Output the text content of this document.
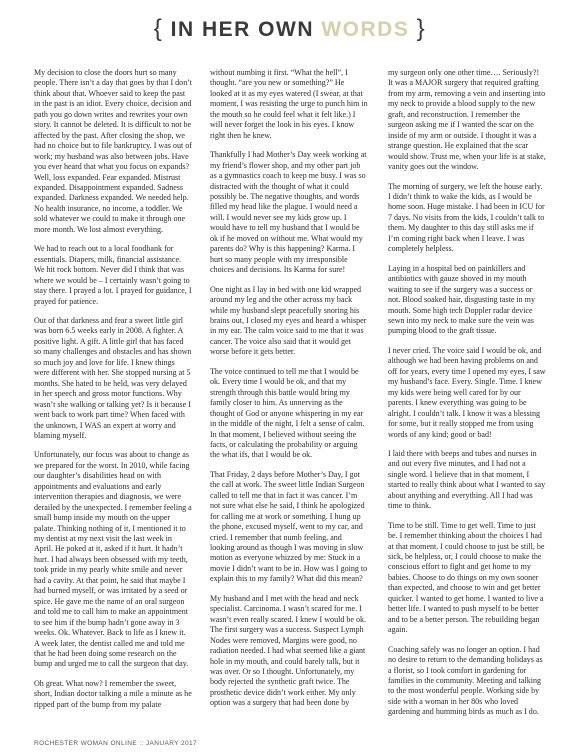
{ IN HER OWN WORDS }

My decision to close the doors hurt so many people. There isn’t a day that goes by that I don’t think about that. Whoever said to keep the past in the past is an idiot. Every choice, decision and path you go down writes and rewrites your own story. It cannot be deleted. It is difficult to not be affected by the past. After closing the shop, we had no choice but to file bankruptcy. I was out of work; my husband was also between jobs. Have you ever heard that what you focus on expands? Well, loss expanded. Fear expanded. Mistrust expanded. Disappointment expanded. Sadness expanded. Darkness expanded. We needed help. No health insurance, no income, a toddler. We sold whatever we could to make it through one more month. We lost almost everything.

We had to reach out to a local foodbank for essentials. Diapers, milk, financial assistance. We hit rock bottom. Never did I think that was where we would be – I certainly wasn’t going to stay there. I prayed a lot. I prayed for guidance, I prayed for patience.

Out of that darkness and fear a sweet little girl was born 6.5 weeks early in 2008. A fighter. A positive light. A gift. A little girl that has faced so many challenges and obstacles and has shown so much joy and love for life. I knew things were different with her. She stopped nursing at 5 months. She hated to be held, was very delayed in her speech and gross motor functions. Why wasn’t she walking or talking yet? Is it because I went back to work part time? When faced with the unknown, I WAS an expert at worry and blaming myself.

Unfortunately, our focus was about to change as we prepared for the worst. In 2010, while facing our daughter’s disabilities head on with appointments and evaluations and early intervention therapies and diagnosis, we were derailed by the unexpected. I remember feeling a small bump inside my mouth on the upper palate. Thinking nothing of it, I mentioned it to my dentist at my next visit the last week in April. He poked at it, asked if it hurt. It hadn’t hurt. I had always been obsessed with my teeth, took pride in my pearly white smile and never had a cavity. At that point, he said that maybe I had burned myself, or was irritated by a seed or spice. He gave me the name of an oral surgeon and told me to call him to make an appointment to see him if the bump hadn’t gone away in 3 weeks. Ok. Whatever. Back to life as I knew it. A week later, the dentist called me and told me that he had been doing some research on the bump and urged me to call the surgeon that day.

Oh great. What now? I remember the sweet, short, Indian doctor talking a mile a minute as he ripped part of the bump from my palate

without numbing it first. “What the hell”, I thought. “are you new or something?” He looked at it as my eyes watered (I swear, at that moment, I was resisting the urge to punch him in the mouth so he could feel what it felt like.) I will never forget the look in his eyes. I know right then he knew.

Thankfully I had Mother’s Day week working at my friend’s flower shop, and my other part job as a gymnastics coach to keep me busy. I was so distracted with the thought of what it could possibly be. The negative thoughts, and words filled my head like the plague. I would need a will. I would never see my kids grow up. I would have to tell my husband that I would be ok if he moved on without me. What would my parents do? Why is this happening? Karma. I hurt so many people with my irresponsible choices and decisions. Its Karma for sure!

One night as I lay in bed with one kid wrapped around my leg and the other across my back while my husband slept peacefully snoring his brains out, I closed my eyes and heard a whisper in my ear. The calm voice said to me that it was cancer. The voice also said that it would get worse before it gets better.

The voice continued to tell me that I would be ok. Every time I would be ok, and that my strength through this battle would bring my family closer to him. As unnerving as the thought of God or anyone whispering in my ear in the middle of the night, I felt a sense of calm. In that moment, I believed without seeing the facts, or calculating the probability or arguing the what ifs, that I would be ok.

That Friday, 2 days before Mother’s Day, I got the call at work. The sweet little Indian Surgeon called to tell me that in fact it was cancer. I’m not sure what else he said, I think he apologized for calling me at work or something. I hung up the phone, excused myself, went to my car, and cried. I remember that numb feeling, and looking around as though I was moving in slow motion as everyone whizzed by me: Stuck in a movie I didn’t want to be in. How was I going to explain this to my family? What did this mean?

My husband and I met with the head and neck specialist. Carcinoma. I wasn’t scared for me. I wasn’t even really scared. I knew I would be ok. The first surgery was a success. Suspect Lymph Nodes were removed, Margins were good, no radiation needed. I had what seemed like a giant hole in my mouth, and could barely talk, but it was over. Or so I thought. Unfortunately, my body rejected the synthetic graft twice. The prosthetic device didn’t work either. My only option was a surgery that had been done by

my surgeon only one other time…. Seriously?! It was a MAJOR surgery that required grafting from my arm, removing a vein and inserting into my neck to provide a blood supply to the new graft, and reconstruction. I remember the surgeon asking me if I wanted the scar on the inside of my arm or outside. I thought it was a strange question. He explained that the scar would show. Trust me, when your life is at stake, vanity goes out the window.

The morning of surgery, we left the house early. I didn’t think to wake the kids, as I would be home soon. Huge mistake. I had been in ICU for 7 days. No visits from the kids, I couldn’t talk to them. My daughter to this day still asks me if I’m coming right back when I leave. I was completely helpless.

Laying in a hospital bed on painkillers and antibiotics with gauze shoved in my mouth waiting to see if the surgery was a success or not. Blood soaked hair, disgusting taste in my mouth. Some high tech Doppler radar device sewn into my neck to make sure the vein was pumping blood to the graft tissue.

I never cried. The voice said I would be ok, and although we had been having problems on and off for years, every time I opened my eyes, I saw my husband’s face. Every. Single. Time. I knew my kids were being well cared for by our parents. I knew everything was going to be alright. I couldn’t talk. I know it was a blessing for some, but it really stopped me from using words of any kind; good or bad!

I laid there with beeps and tubes and nurses in and out every five minutes, and I had not a single word. I believe that in that moment, I started to really think about what I wanted to say about anything and everything. All I had was time to think.

Time to be still. Time to get well. Time to just be. I remember thinking about the choices I had at that moment. I could choose to just be still, be sick, be helpless, or, I could choose to make the conscious effort to fight and get home to my babies. Choose to do things on my own sooner than expected, and choose to win and get better quicker. I wanted to get home. I wanted to live a better life. I wanted to push myself to be better and to be a better person. The rebuilding began again.

Coaching safely was no longer an option. I had no desire to return to the demanding holidays as a florist, so I took comfort in gardening for families in the community. Meeting and talking to the most wonderful people. Working side by side with a woman in her 80s who loved gardening and humming birds as much as I do.

ROCHESTER WOMAN ONLINE :: JANUARY 2017
